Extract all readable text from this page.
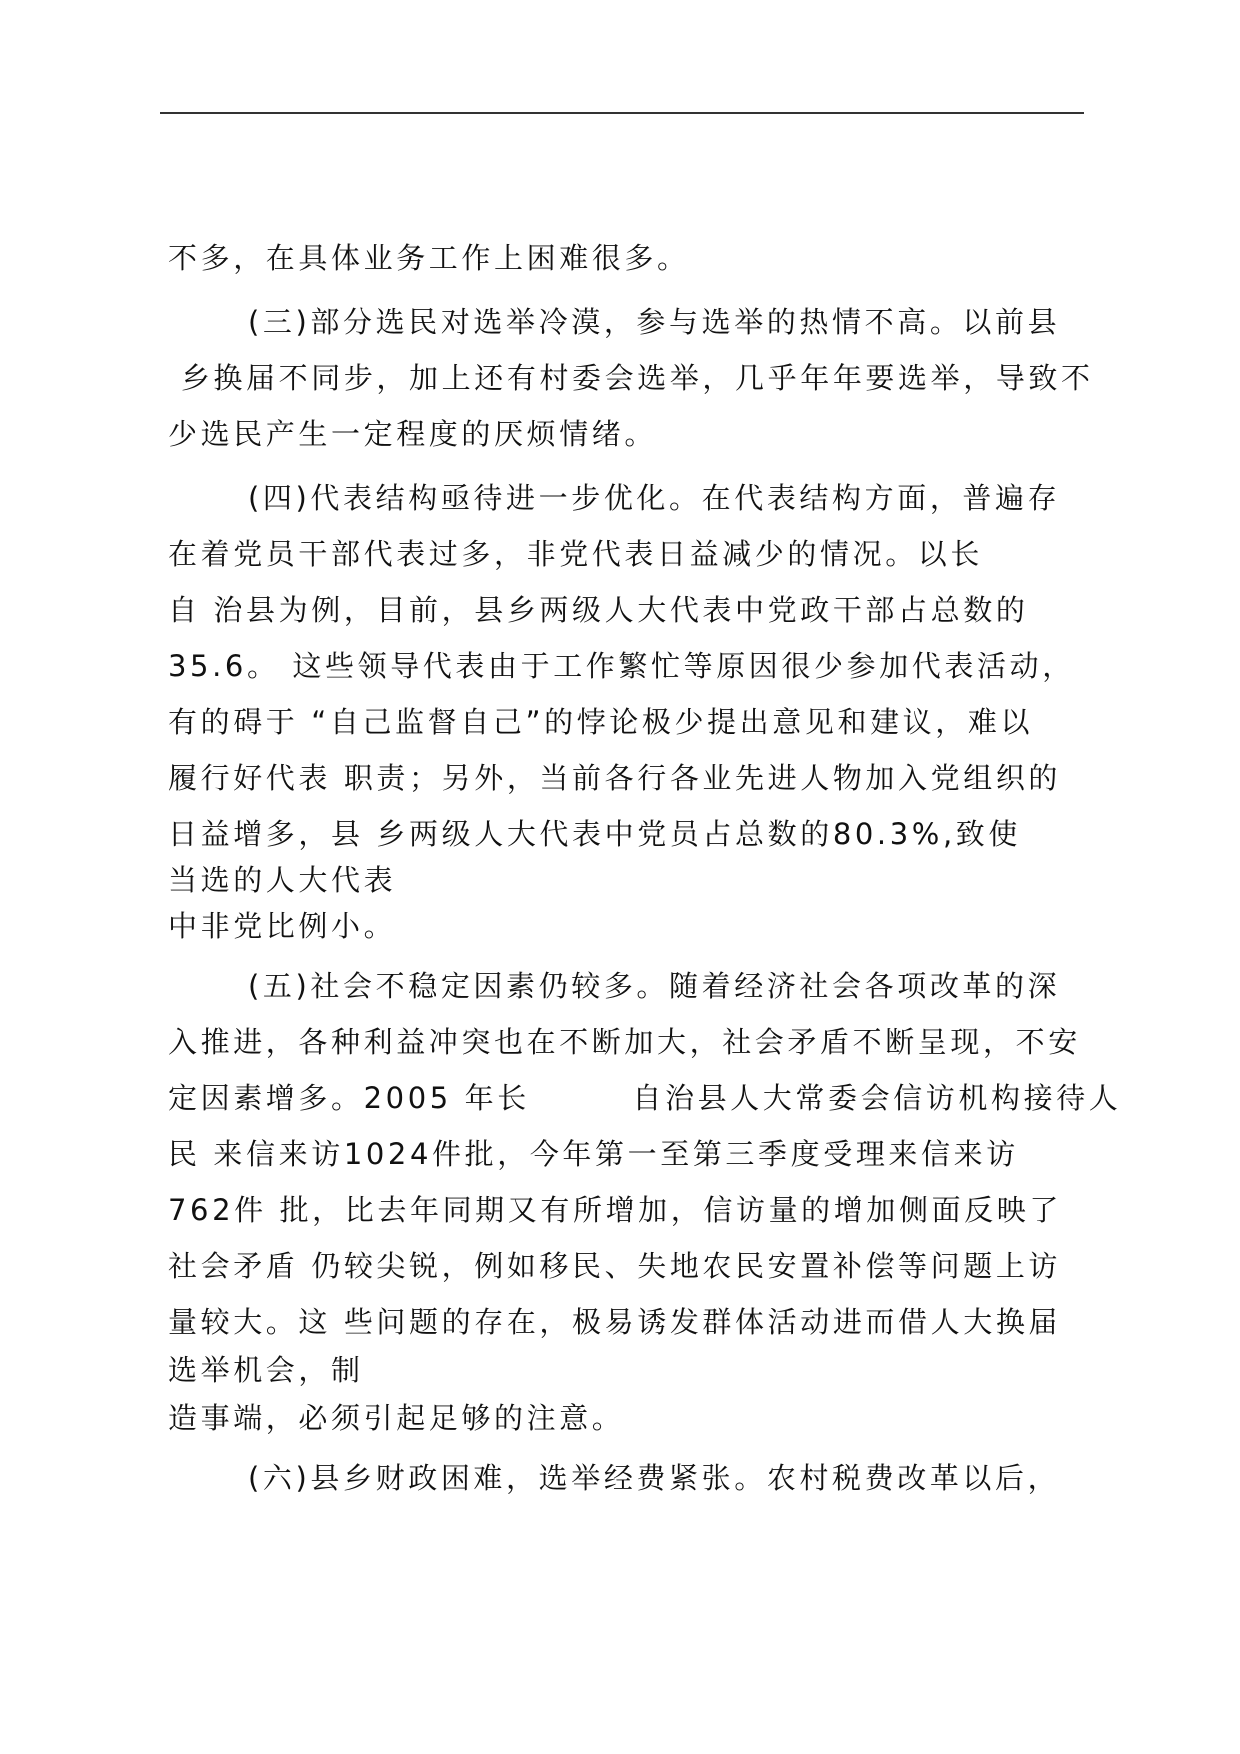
不多，在具体业务工作上困难很多。
(三)部分选民对选举冷漠，参与选举的热情不高。以前县
乡换届不同步，加上还有村委会选举，几乎年年要选举，导致不
少选民产生一定程度的厌烦情绪。
(四)代表结构亟待进一步优化。在代表结构方面，普遍存
在着党员干部代表过多，非党代表日益减少的情况。以长
自 治县为例，目前，县乡两级人大代表中党政干部占总数的
35.6。 这些领导代表由于工作繁忙等原因很少参加代表活动，
有的碍于 “自己监督自己”的悖论极少提出意见和建议，难以
履行好代表 职责；另外，当前各行各业先进人物加入党组织的
日益增多，县 乡两级人大代表中党员占总数的80.3%,致使
当选的人大代表
中非党比例小。
(五)社会不稳定因素仍较多。随着经济社会各项改革的深
入推进，各种利益冲突也在不断加大，社会矛盾不断呈现，不安
定因素增多。2005 年长        自治县人大常委会信访机构接待人
民 来信来访1024件批，今年第一至第三季度受理来信来访
762件 批，比去年同期又有所增加，信访量的增加侧面反映了
社会矛盾 仍较尖锐，例如移民、失地农民安置补偿等问题上访
量较大。这 些问题的存在，极易诱发群体活动进而借人大换届
选举机会，制
造事端，必须引起足够的注意。
(六)县乡财政困难，选举经费紧张。农村税费改革以后，
